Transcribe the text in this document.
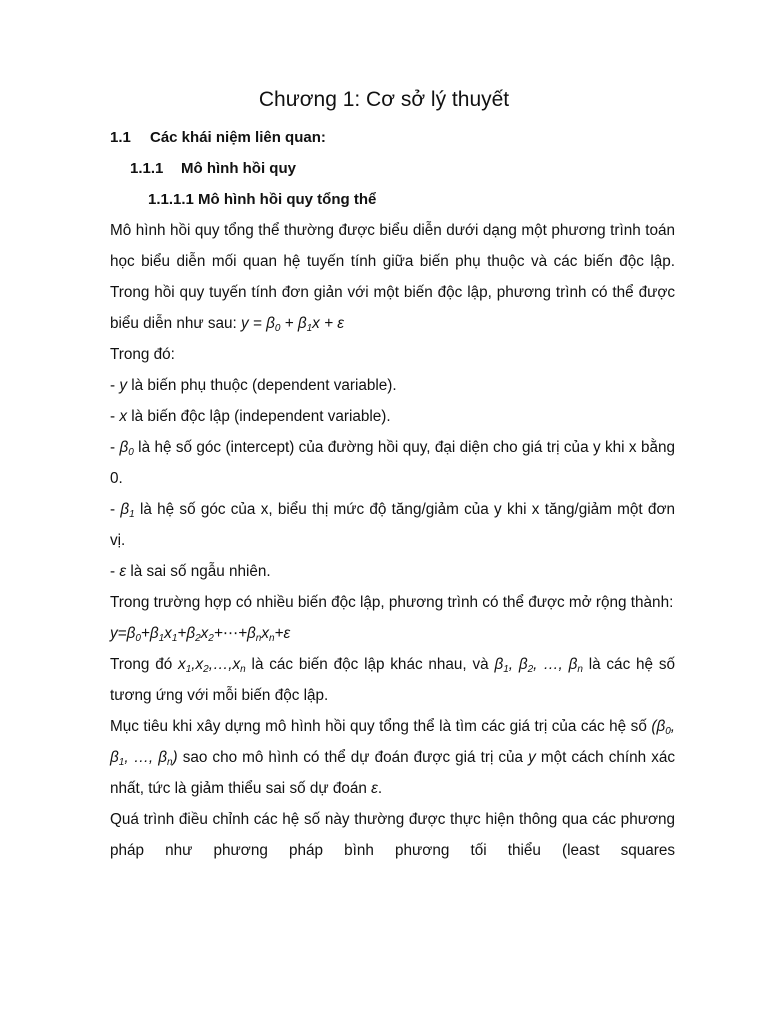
Chương 1: Cơ sở lý thuyết
1.1 Các khái niệm liên quan:
1.1.1 Mô hình hồi quy
1.1.1.1 Mô hình hồi quy tổng thể

Mô hình hồi quy tổng thể thường được biểu diễn dưới dạng một phương trình toán học biểu diễn mối quan hệ tuyến tính giữa biến phụ thuộc và các biến độc lập. Trong hồi quy tuyến tính đơn giản với một biến độc lập, phương trình có thể được biểu diễn như sau: $y = \beta_0 + \beta_1x + \varepsilon$

Trong đó:

- y là biến phụ thuộc (dependent variable).

- x là biến độc lập (independent variable).

- $\beta_0$ là hệ số góc (intercept) của đường hồi quy, đại diện cho giá trị của y khi x bằng 0.

- $\beta_1$ là hệ số góc của x, biểu thị mức độ tăng/giảm của y khi x tăng/giảm một đơn vị.

- ε là sai số ngẫu nhiên.

Trong trường hợp có nhiều biến độc lập, phương trình có thể được mở rộng thành:

$y=\beta_0+\beta_1x_1+\beta_2x_2+\cdots+\beta_nx_n+\varepsilon$

Trong đó $x_1,x_2,\dots,x_n$ là các biến độc lập khác nhau, và $\beta_1$, $\beta_2$, …, $\beta_n$ là các hệ số tương ứng với mỗi biến độc lập.

Mục tiêu khi xây dựng mô hình hồi quy tổng thể là tìm các giá trị của các hệ số ($\beta_0$, $\beta_1$, …, $\beta_n$) sao cho mô hình có thể dự đoán được giá trị của y một cách chính xác nhất, tức là giảm thiểu sai số dự đoán ε.

Quá trình điều chỉnh các hệ số này thường được thực hiện thông qua các phương pháp như phương pháp bình phương tối thiểu (least squares
